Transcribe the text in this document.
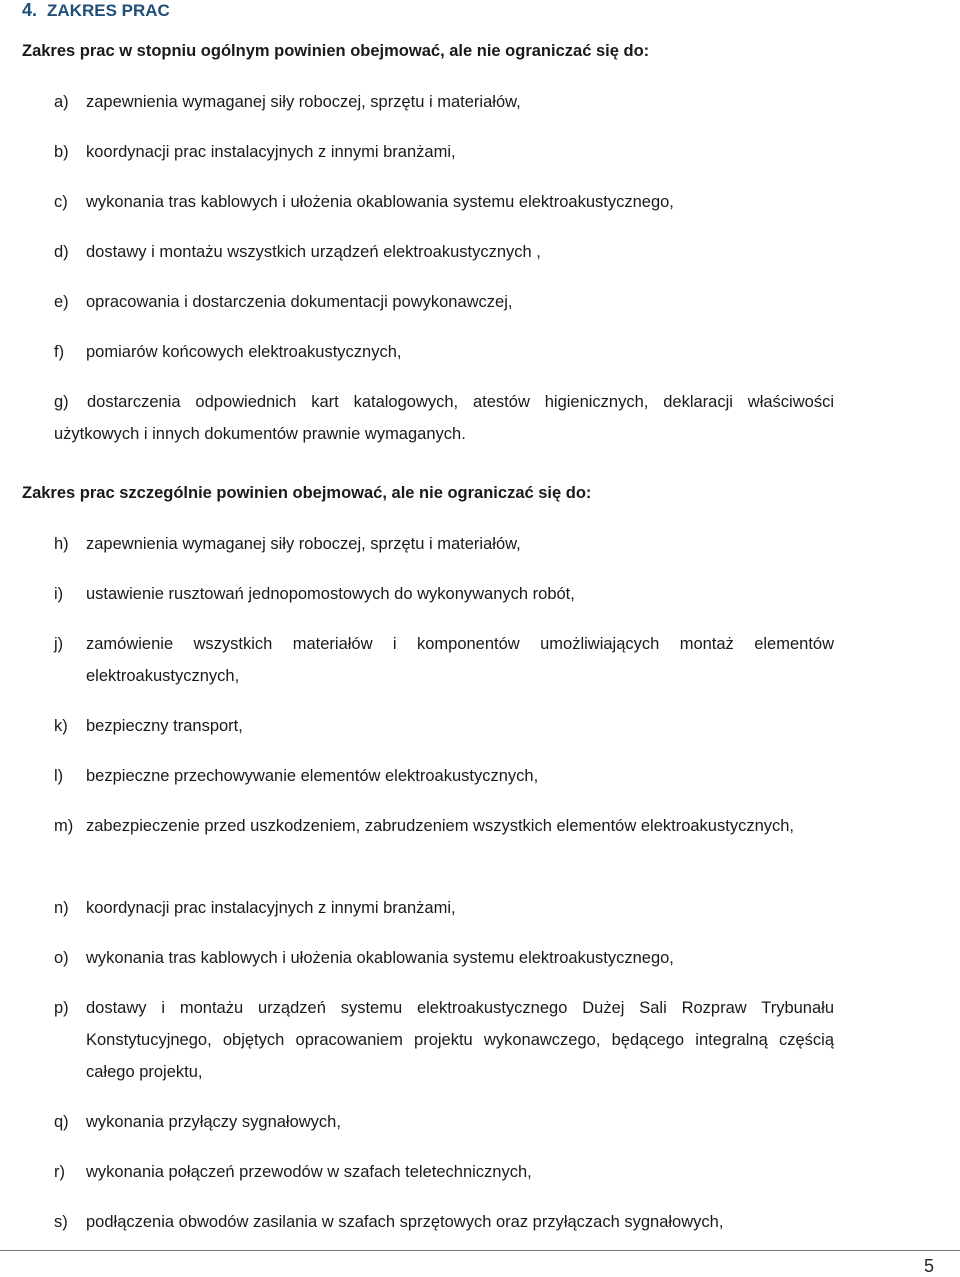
4. ZAKRES PRAC

Zakres prac w stopniu ogólnym powinien obejmować, ale nie ograniczać się do:

a) zapewnienia wymaganej siły roboczej, sprzętu i materiałów,
b) koordynacji prac instalacyjnych z innymi branżami,
c) wykonania tras kablowych i ułożenia okablowania systemu elektroakustycznego,
d) dostawy i montażu wszystkich urządzeń elektroakustycznych ,
e) opracowania i dostarczenia dokumentacji powykonawczej,
f) pomiarów końcowych elektroakustycznych,
g)	dostarczenia odpowiednich kart katalogowych, atestów higienicznych, deklaracji właściwości użytkowych i innych dokumentów prawnie wymaganych.

Zakres prac szczególnie powinien obejmować, ale nie ograniczać się do:

h) zapewnienia wymaganej siły roboczej, sprzętu i materiałów,
i) ustawienie rusztowań jednopomostowych do wykonywanych robót,
j) zamówienie wszystkich materiałów i komponentów umożliwiających montaż elementów elektroakustycznych,
k) bezpieczny transport,
l) bezpieczne przechowywanie elementów elektroakustycznych,
m) zabezpieczenie przed uszkodzeniem, zabrudzeniem wszystkich elementów elektroakustycznych,
n) koordynacji prac instalacyjnych z innymi branżami,
o) wykonania tras kablowych i ułożenia okablowania systemu elektroakustycznego,
p) dostawy i montażu urządzeń systemu elektroakustycznego Dużej Sali Rozpraw Trybunału Konstytucyjnego, objętych opracowaniem projektu wykonawczego, będącego integralną częścią całego projektu,
q) wykonania przyłączy sygnałowych,
r) wykonania połączeń przewodów w szafach teletechnicznych,
s) podłączenia obwodów zasilania w szafach sprzętowych oraz przyłączach sygnałowych,
5
